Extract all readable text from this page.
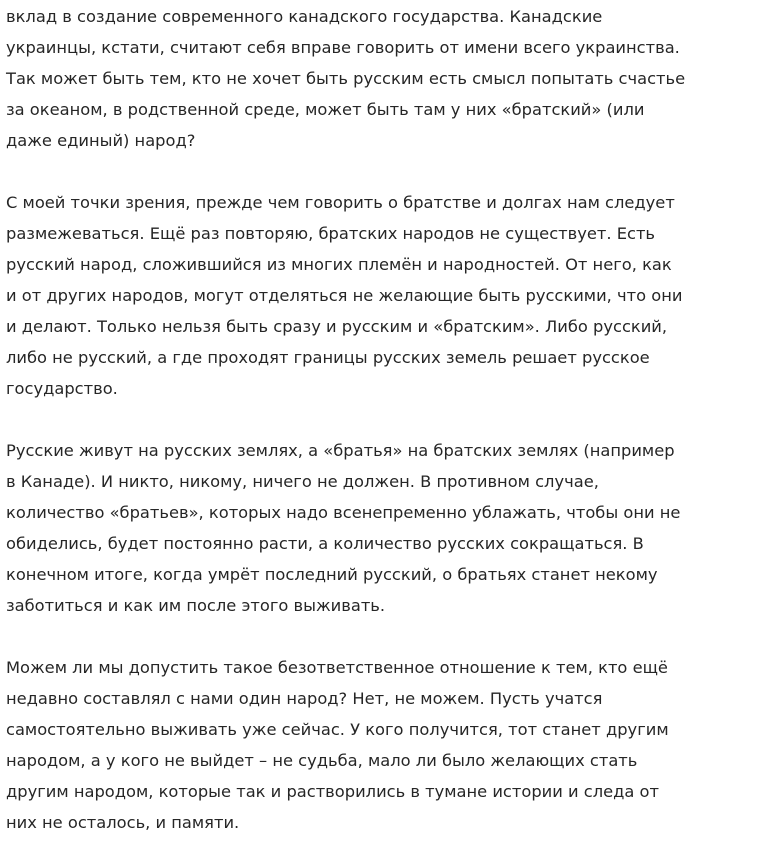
вклад в создание современного канадского государства. Канадские
украинцы, кстати, считают себя вправе говорить от имени всего украинства.
Так может быть тем, кто не хочет быть русским есть смысл попытать счастье
за океаном, в родственной среде, может быть там у них «братский» (или
даже единый) народ?

С моей точки зрения, прежде чем говорить о братстве и долгах нам следует
размежеваться. Ещё раз повторяю, братских народов не существует. Есть
русский народ, сложившийся из многих племён и народностей. От него, как
и от других народов, могут отделяться не желающие быть русскими, что они
и делают. Только нельзя быть сразу и русским и «братским». Либо русский,
либо не русский, а где проходят границы русских земель решает русское
государство.

Русские живут на русских землях, а «братья» на братских землях (например
в Канаде). И никто, никому, ничего не должен. В противном случае,
количество «братьев», которых надо всенепременно ублажать, чтобы они не
обиделись, будет постоянно расти, а количество русских сокращаться. В
конечном итоге, когда умрёт последний русский, о братьях станет некому
заботиться и как им после этого выживать.

Можем ли мы допустить такое безответственное отношение к тем, кто ещё
недавно составлял с нами один народ? Нет, не можем. Пусть учатся
самостоятельно выживать уже сейчас. У кого получится, тот станет другим
народом, а у кого не выйдет – не судьба, мало ли было желающих стать
другим народом, которые так и растворились в тумане истории и следа от
них не осталось, и памяти.
